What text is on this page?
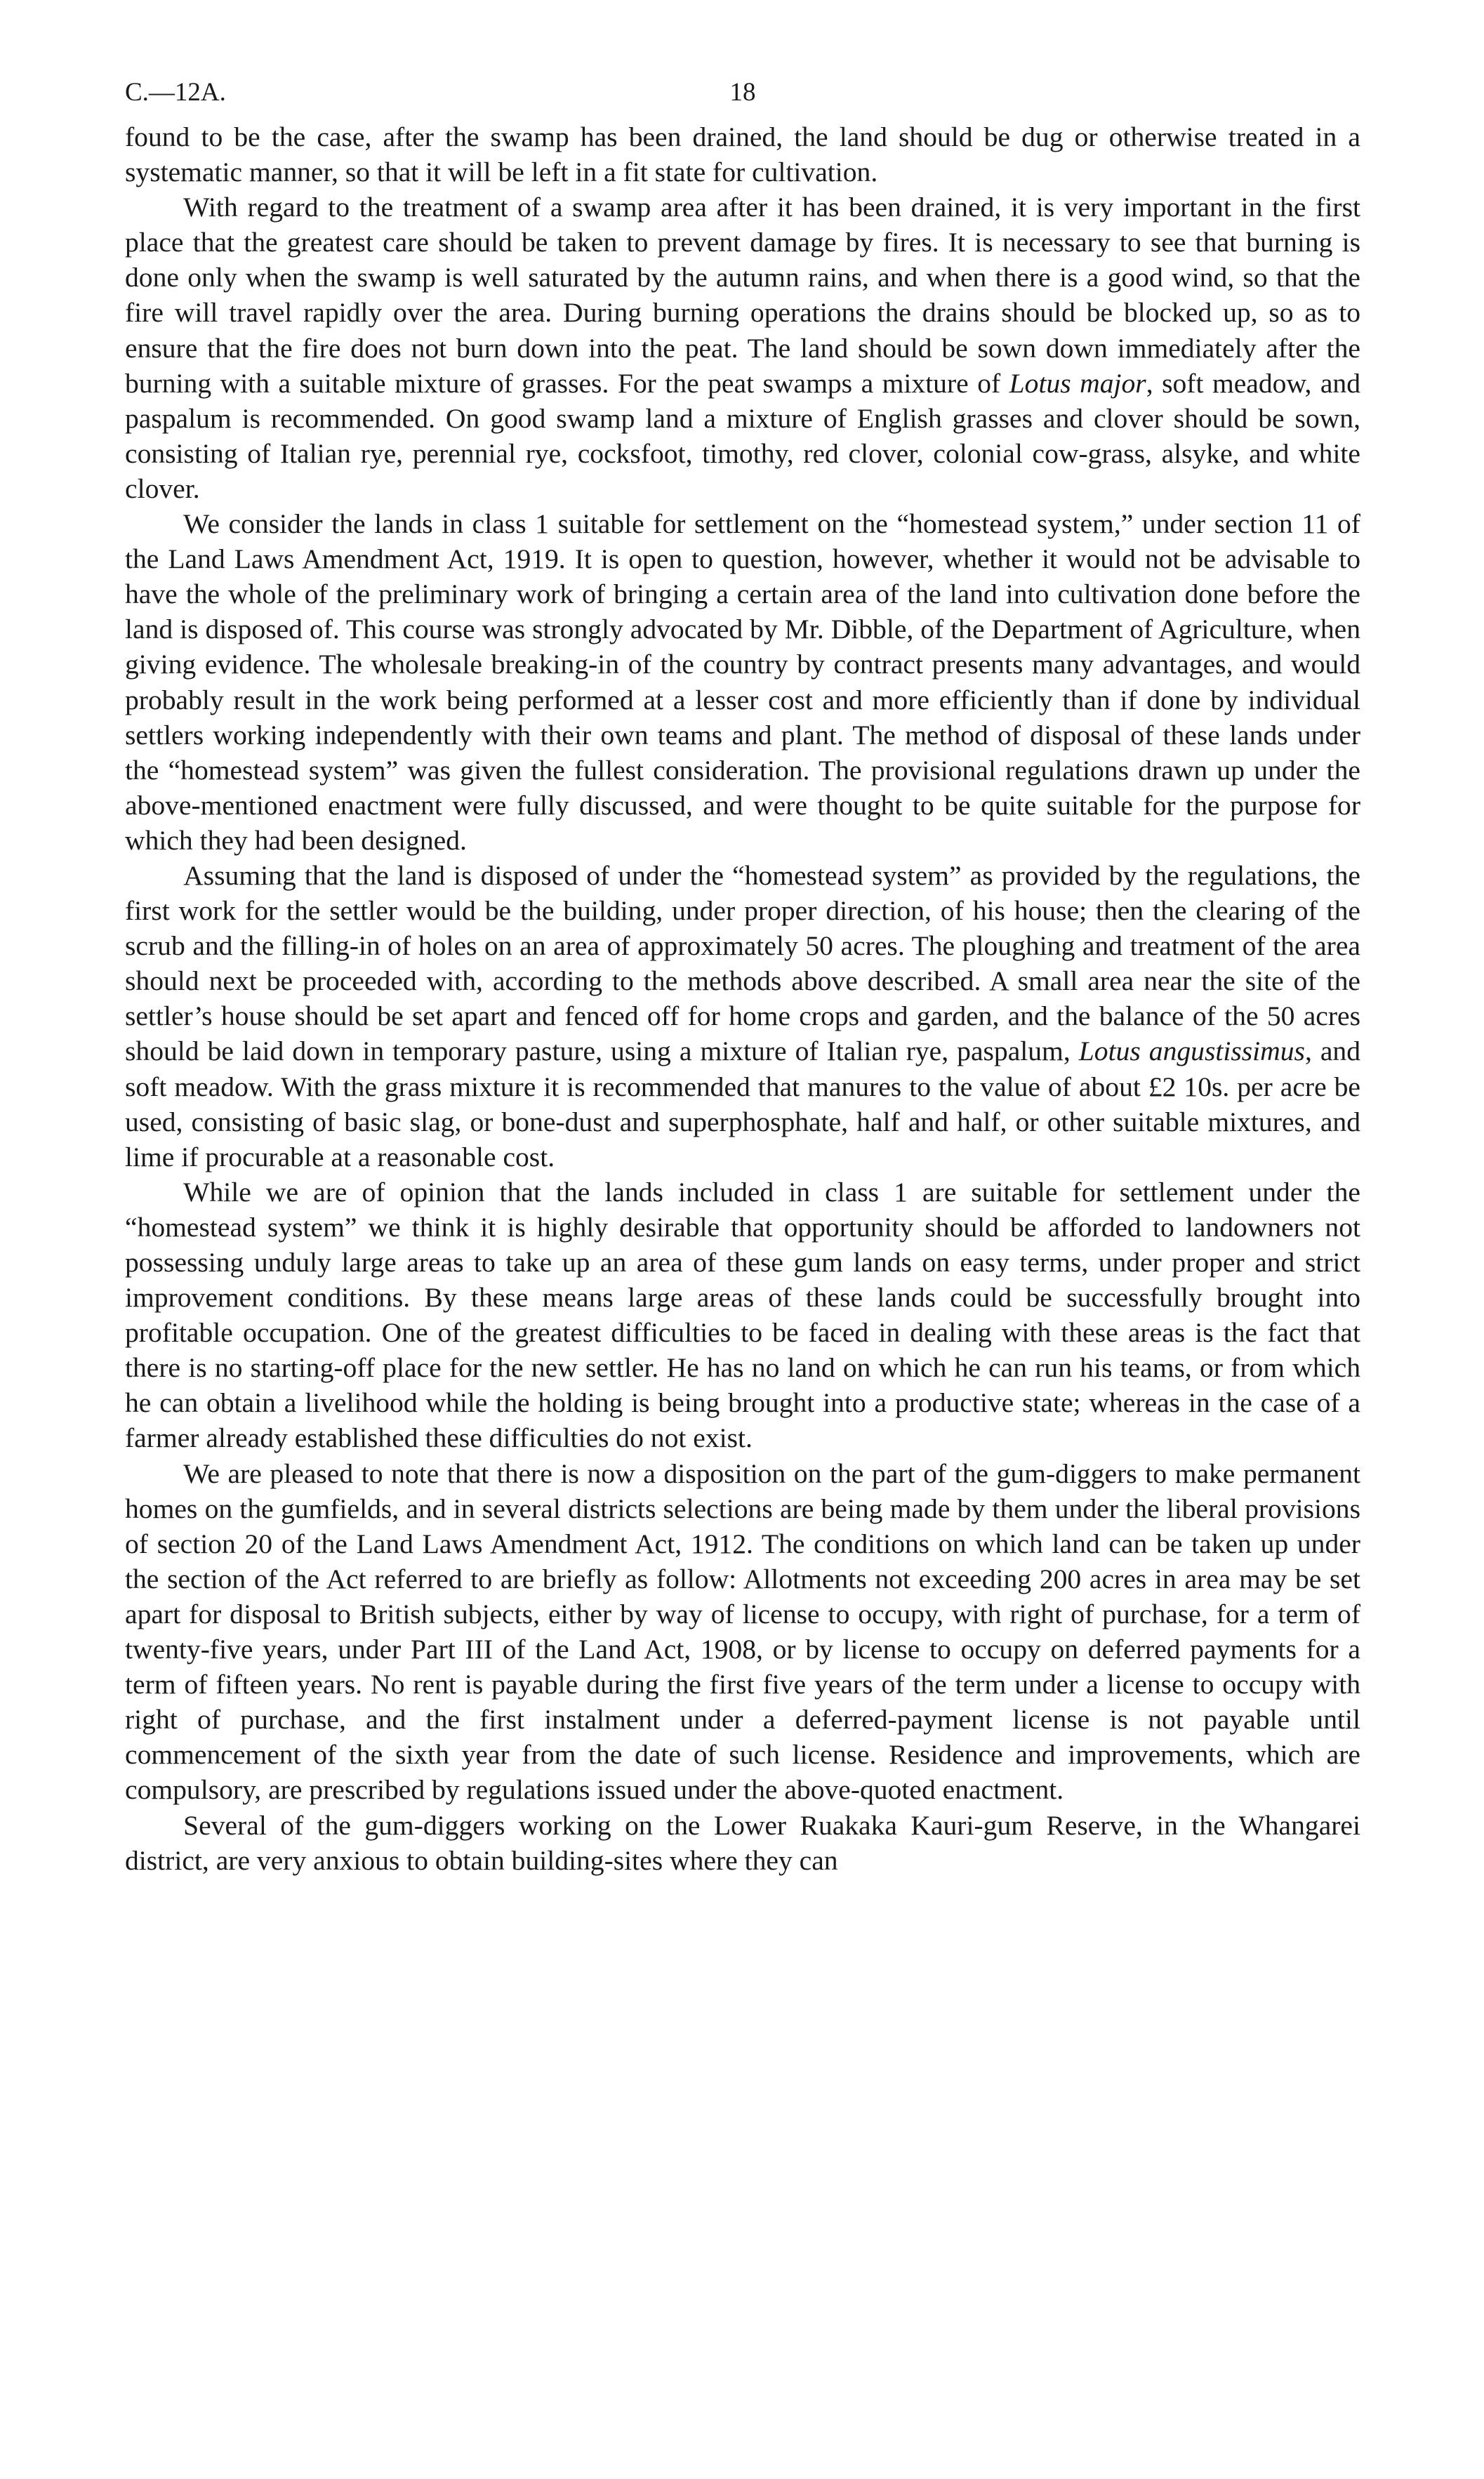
C.—12A.	18

found to be the case, after the swamp has been drained, the land should be dug or otherwise treated in a systematic manner, so that it will be left in a fit state for cultivation.

With regard to the treatment of a swamp area after it has been drained, it is very important in the first place that the greatest care should be taken to prevent damage by fires. It is necessary to see that burning is done only when the swamp is well saturated by the autumn rains, and when there is a good wind, so that the fire will travel rapidly over the area. During burning operations the drains should be blocked up, so as to ensure that the fire does not burn down into the peat. The land should be sown down immediately after the burning with a suitable mixture of grasses. For the peat swamps a mixture of Lotus major, soft meadow, and paspalum is recommended. On good swamp land a mixture of English grasses and clover should be sown, consisting of Italian rye, perennial rye, cocksfoot, timothy, red clover, colonial cow-grass, alsyke, and white clover.

We consider the lands in class 1 suitable for settlement on the “homestead system,” under section 11 of the Land Laws Amendment Act, 1919. It is open to question, however, whether it would not be advisable to have the whole of the preliminary work of bringing a certain area of the land into cultivation done before the land is disposed of. This course was strongly advocated by Mr. Dibble, of the Department of Agriculture, when giving evidence. The wholesale breaking-in of the country by contract presents many advantages, and would probably result in the work being performed at a lesser cost and more efficiently than if done by individual settlers working independently with their own teams and plant. The method of disposal of these lands under the “homestead system” was given the fullest consideration. The provisional regulations drawn up under the above-mentioned enactment were fully discussed, and were thought to be quite suitable for the purpose for which they had been designed.

Assuming that the land is disposed of under the “homestead system” as provided by the regulations, the first work for the settler would be the building, under proper direction, of his house; then the clearing of the scrub and the filling-in of holes on an area of approximately 50 acres. The ploughing and treatment of the area should next be proceeded with, according to the methods above described. A small area near the site of the settler’s house should be set apart and fenced off for home crops and garden, and the balance of the 50 acres should be laid down in temporary pasture, using a mixture of Italian rye, paspalum, Lotus angustissimus, and soft meadow. With the grass mixture it is recommended that manures to the value of about £2 10s. per acre be used, consisting of basic slag, or bone-dust and superphosphate, half and half, or other suitable mixtures, and lime if procurable at a reasonable cost.

While we are of opinion that the lands included in class 1 are suitable for settlement under the “homestead system” we think it is highly desirable that opportunity should be afforded to landowners not possessing unduly large areas to take up an area of these gum lands on easy terms, under proper and strict improvement conditions. By these means large areas of these lands could be successfully brought into profitable occupation. One of the greatest difficulties to be faced in dealing with these areas is the fact that there is no starting-off place for the new settler. He has no land on which he can run his teams, or from which he can obtain a livelihood while the holding is being brought into a productive state; whereas in the case of a farmer already established these difficulties do not exist.

We are pleased to note that there is now a disposition on the part of the gum-diggers to make permanent homes on the gumfields, and in several districts selections are being made by them under the liberal provisions of section 20 of the Land Laws Amendment Act, 1912. The conditions on which land can be taken up under the section of the Act referred to are briefly as follow: Allotments not exceeding 200 acres in area may be set apart for disposal to British subjects, either by way of license to occupy, with right of purchase, for a term of twenty-five years, under Part III of the Land Act, 1908, or by license to occupy on deferred payments for a term of fifteen years. No rent is payable during the first five years of the term under a license to occupy with right of purchase, and the first instalment under a deferred-payment license is not payable until commencement of the sixth year from the date of such license. Residence and improvements, which are compulsory, are prescribed by regulations issued under the above-quoted enactment.

Several of the gum-diggers working on the Lower Ruakaka Kauri-gum Reserve, in the Whangarei district, are very anxious to obtain building-sites where they can
